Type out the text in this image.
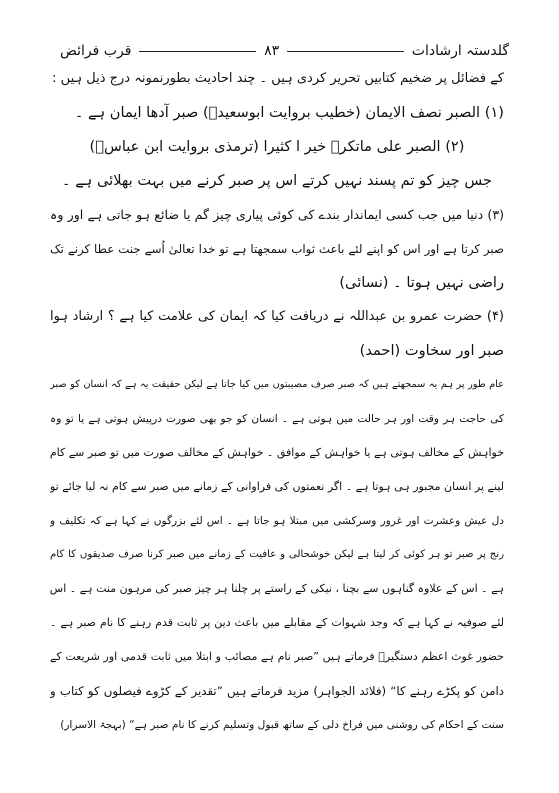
گلدستہ ارشادات
۸۳
قرب فرائض
کے فضائل پر ضخیم کتابیں تحریر کردی ہیں ۔ چند احادیث بطورنمونہ درج ذیل ہیں :
(۱) الصبر نصف الایمان (خطیب بروایت ابوسعیدؓ) صبر آدھا ایمان ہے ۔
(۲) الصبر علی ماتکرہ خیر ا کثیرا (ترمذی بروایت ابن عباسؓ)
جس چیز کو تم پسند نہیں کرتے اس پر صبر کرنے میں بہت بھلائی ہے ۔
(۳) دنیا میں جب کسی ایماندار بندے کی کوئی پیاری چیز گم یا ضائع ہو جاتی ہے اور وہ
صبر کرتا ہے اور اس کو اپنے لئے باعث ثواب سمجھتا ہے تو خدا تعالیٰ اُسے جنت عطا کرنے تک
راضی نہیں ہوتا ۔ (نسائی)
(۴) حضرت عمرو بن عبداللہ نے دریافت کیا کہ ایمان کی علامت کیا ہے ؟ ارشاد ہوا
صبر اور سخاوت (احمد)
عام طور پر ہم یہ سمجھتے ہیں کہ صبر صرف مصیبتوں میں کیا جاتا ہے لیکن حقیقت یہ ہے کہ انسان کو صبر
کی حاجت ہر وقت اور ہر حالت میں ہوتی ہے ۔ انسان کو جو بھی صورت درپیش ہوتی ہے یا تو وہ
خواہش کے مخالف ہوتی ہے یا خواہش کے موافق ۔ خواہش کے مخالف صورت میں تو صبر سے کام
لینے پر انسان مجبور ہی ہوتا ہے ۔ اگر نعمتوں کی فراوانی کے زمانے میں صبر سے کام نہ لیا جائے تو
دل عیش وعشرت اور غرور وسرکشی میں مبتلا ہو جاتا ہے ۔ اس لئے بزرگوں نے کہا ہے کہ تکلیف و
رنج پر صبر تو ہر کوئی کر لیتا ہے لیکن خوشحالی و عافیت کے زمانے میں صبر کرنا صرف صدیقوں کا کام
ہے ۔ اس کے علاوہ گناہوں سے بچنا ، نیکی کے راستے پر چلنا ہر چیز صبر کی مرہون منت ہے ۔ اس
لئے صوفیہ نے کہا ہے کہ وجد شہوات کے مقابلے میں باعث دین پر ثابت قدم رہنے کا نام صبر ہے ۔
حضور غوث اعظم دستگیرؒ فرماتے ہیں ”صبر نام ہے مصائب و ابتلا میں ثابت قدمی اور شریعت کے
دامن کو پکڑے رہنے کا“ (فلائد الجواہر) مزید فرماتے ہیں ”تقدیر کے کڑوے فیصلوں کو کتاب و
سنت کے احکام کی روشنی میں فراخ دلی کے ساتھ قبول وتسلیم کرنے کا نام صبر ہے“ (بہجۃ الاسرار)
